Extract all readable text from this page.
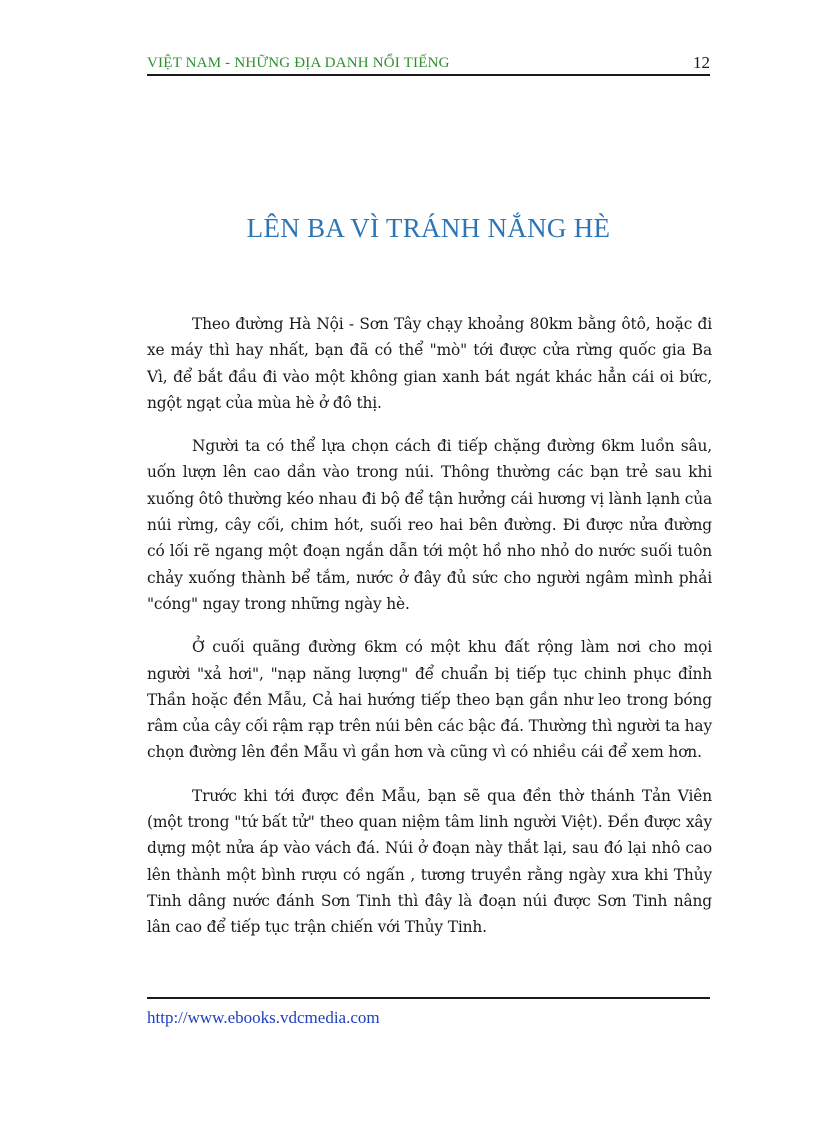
VIỆT NAM - NHỮNG ĐỊA DANH NỔI TIẾNG	12
LÊN BA VÌ TRÁNH NẮNG HÈ

Theo đường Hà Nội - Sơn Tây chạy khoảng 80km bằng ôtô, hoặc đi xe máy thì hay nhất, bạn đã có thể "mò" tới được cửa rừng quốc gia Ba Vì, để bắt đầu đi vào một không gian xanh bát ngát khác hẳn cái oi bức, ngột ngạt của mùa hè ở đô thị.

Người ta có thể lựa chọn cách đi tiếp chặng đường 6km luồn sâu, uốn lượn lên cao dần vào trong núi. Thông thường các bạn trẻ sau khi xuống ôtô thường kéo nhau đi bộ để tận hưởng cái hương vị lành lạnh của núi rừng, cây cối, chim hót, suối reo hai bên đường. Đi được nửa đường có lối rẽ ngang một đoạn ngắn dẫn tới một hồ nho nhỏ do nước suối tuôn chảy xuống thành bể tắm, nước ở đây đủ sức cho người ngâm mình phải "cóng" ngay trong những ngày hè.

Ở cuối quãng đường 6km có một khu đất rộng làm nơi cho mọi người "xả hơi", "nạp năng lượng" để chuẩn bị tiếp tục chinh phục đỉnh Thần hoặc đền Mẫu, Cả hai hướng tiếp theo bạn gần như leo trong bóng râm của cây cối rậm rạp trên núi bên các bậc đá. Thường thì người ta hay chọn đường lên đền Mẫu vì gần hơn và cũng vì có nhiều cái để xem hơn.

Trước khi tới được đền Mẫu, bạn sẽ qua đền thờ thánh Tản Viên (một trong "tứ bất tử" theo quan niệm tâm linh người Việt). Đền được xây dựng một nửa áp vào vách đá. Núi ở đoạn này thắt lại, sau đó lại nhô cao lên thành một bình rượu có ngấn , tương truyền rằng ngày xưa khi Thủy Tinh dâng nước đánh Sơn Tinh thì đây là đoạn núi được Sơn Tinh nâng lân cao để tiếp tục trận chiến với Thủy Tinh.

http://www.ebooks.vdcmedia.com
